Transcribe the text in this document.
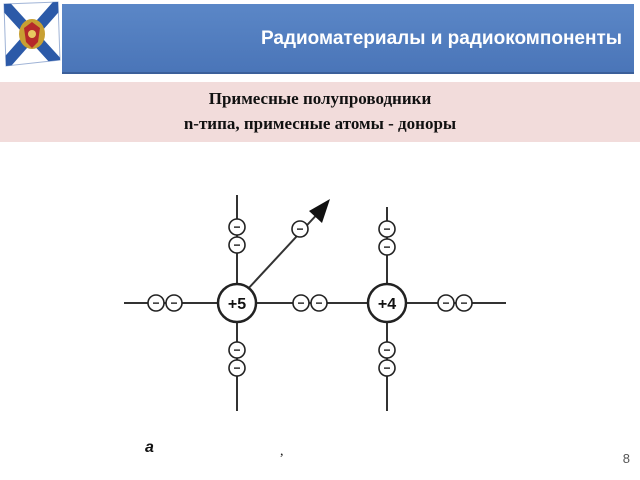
Радиоматериалы и радиокомпоненты
Примесные полупроводники
n-типа, примесные атомы - доноры
+5	+4
− −	− −	− −
−
−
−
−
−
−
−
−
−
a	,	8
